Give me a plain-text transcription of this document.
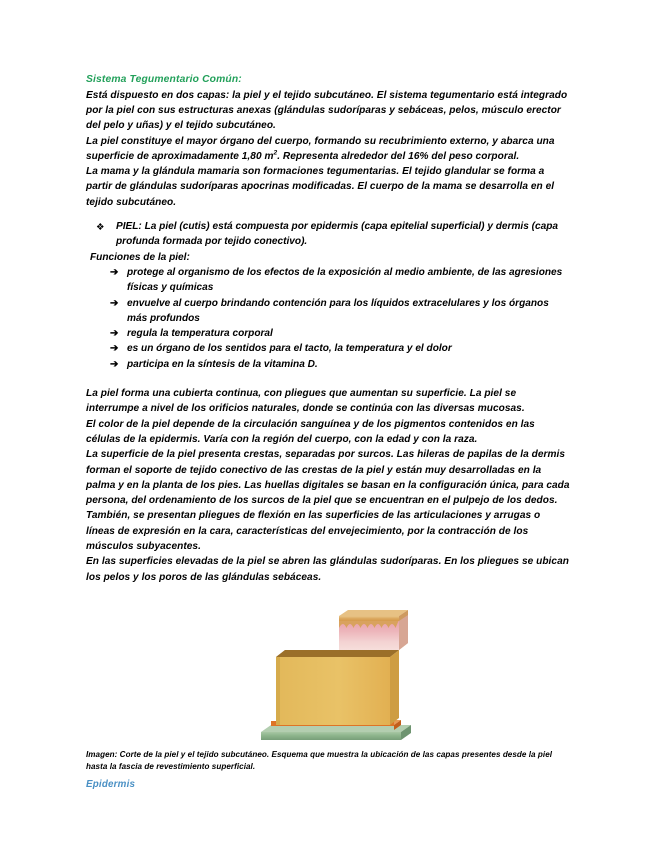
Sistema Tegumentario Común:

Está dispuesto en dos capas: la piel y el tejido subcutáneo. El sistema tegumentario está integrado por la piel con sus estructuras anexas (glándulas sudoríparas y sebáceas, pelos, músculo erector del pelo y uñas) y el tejido subcutáneo.

La piel constituye el mayor órgano del cuerpo, formando su recubrimiento externo, y abarca una superficie de aproximadamente 1,80 $m^2$. Representa alrededor del 16% del peso corporal.

La mama y la glándula mamaria son formaciones tegumentarias. El tejido glandular se forma a partir de glándulas sudoríparas apocrinas modificadas. El cuerpo de la mama se desarrolla en el tejido subcutáneo.

❖	PIEL: La piel (cutis) está compuesta por epidermis (capa epitelial superficial) y dermis (capa profunda formada por tejido conectivo).

Funciones de la piel:

➔ protege al organismo de los efectos de la exposición al medio ambiente, de las agresiones físicas y químicas
➔ envuelve al cuerpo brindando contención para los líquidos extracelulares y los órganos más profundos
➔ regula la temperatura corporal
➔ es un órgano de los sentidos para el tacto, la temperatura y el dolor
➔ participa en la síntesis de la vitamina D.

La piel forma una cubierta continua, con pliegues que aumentan su superficie. La piel se interrumpe a nivel de los orificios naturales, donde se continúa con las diversas mucosas.

El color de la piel depende de la circulación sanguínea y de los pigmentos contenidos en las células de la epidermis. Varía con la región del cuerpo, con la edad y con la raza.

La superficie de la piel presenta crestas, separadas por surcos. Las hileras de papilas de la dermis forman el soporte de tejido conectivo de las crestas de la piel y están muy desarrolladas en la palma y en la planta de los pies. Las huellas digitales se basan en la configuración única, para cada persona, del ordenamiento de los surcos de la piel que se encuentran en el pulpejo de los dedos. También, se presentan pliegues de flexión en las superficies de las articulaciones y arrugas o líneas de expresión en la cara, características del envejecimiento, por la contracción de los músculos subyacentes.

En las superficies elevadas de la piel se abren las glándulas sudoríparas. En los pliegues se ubican los pelos y los poros de las glándulas sebáceas.

Imagen: Corte de la piel y el tejido subcutáneo. Esquema que muestra la ubicación de las capas presentes desde la piel hasta la fascia de revestimiento superficial.

Epidermis
